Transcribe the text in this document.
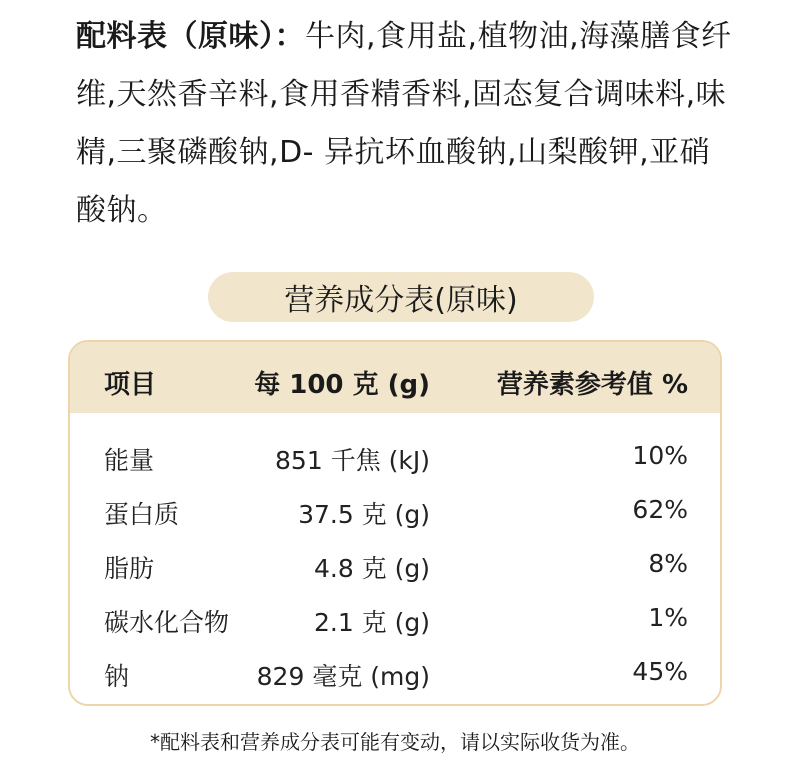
配料表（原味）：牛肉,食用盐,植物油,海藻膳食纤维,天然香辛料,食用香精香料,固态复合调味料,味精,三聚磷酸钠,D- 异抗坏血酸钠,山梨酸钾,亚硝酸钠。
营养成分表(原味)
项目	每 100 克 (g)	营养素参考值 %
能量	851 千焦 (kJ)	10%
蛋白质	37.5 克 (g)	62%
脂肪	4.8 克 (g)	8%
碳水化合物	2.1 克 (g)	1%
钠	829 毫克 (mg)	45%
*配料表和营养成分表可能有变动，请以实际收货为准。
